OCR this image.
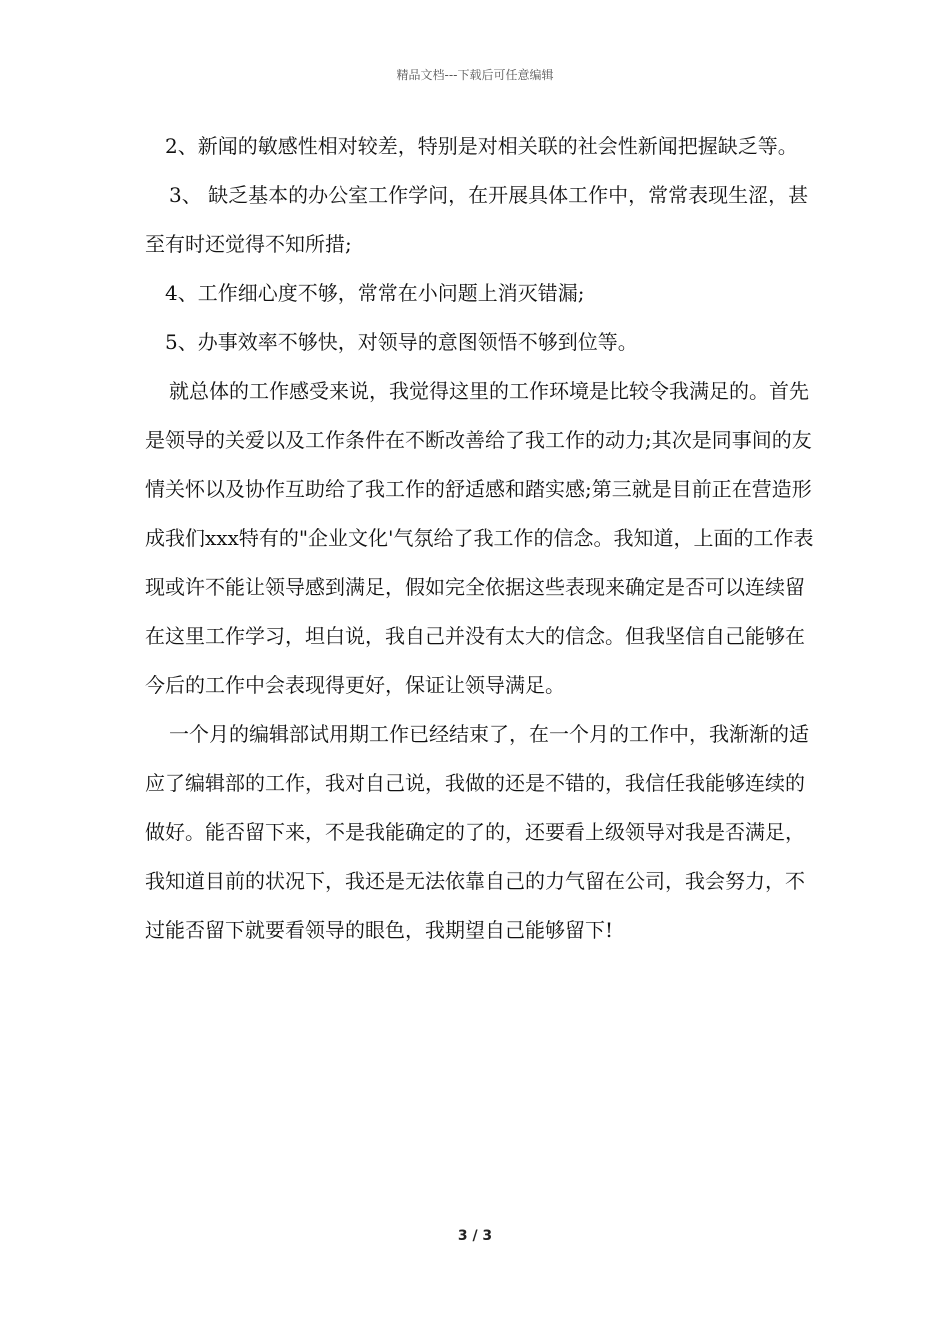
精品文档---下载后可任意编辑

2、新闻的敏感性相对较差，特别是对相关联的社会性新闻把握缺乏等。

3、 缺乏基本的办公室工作学问，在开展具体工作中，常常表现生涩，甚至有时还觉得不知所措;

4、工作细心度不够，常常在小问题上消灭错漏;

5、办事效率不够快，对领导的意图领悟不够到位等。

就总体的工作感受来说，我觉得这里的工作环境是比较令我满足的。首先是领导的关爱以及工作条件在不断改善给了我工作的动力;其次是同事间的友情关怀以及协作互助给了我工作的舒适感和踏实感;第三就是目前正在营造形成我们xxx特有的"企业文化'气氛给了我工作的信念。我知道，上面的工作表现或许不能让领导感到满足，假如完全依据这些表现来确定是否可以连续留在这里工作学习，坦白说，我自己并没有太大的信念。但我坚信自己能够在今后的工作中会表现得更好，保证让领导满足。

一个月的编辑部试用期工作已经结束了，在一个月的工作中，我渐渐的适应了编辑部的工作，我对自己说，我做的还是不错的，我信任我能够连续的做好。能否留下来，不是我能确定的了的，还要看上级领导对我是否满足，我知道目前的状况下，我还是无法依靠自己的力气留在公司，我会努力，不过能否留下就要看领导的眼色，我期望自己能够留下!

3 / 3
